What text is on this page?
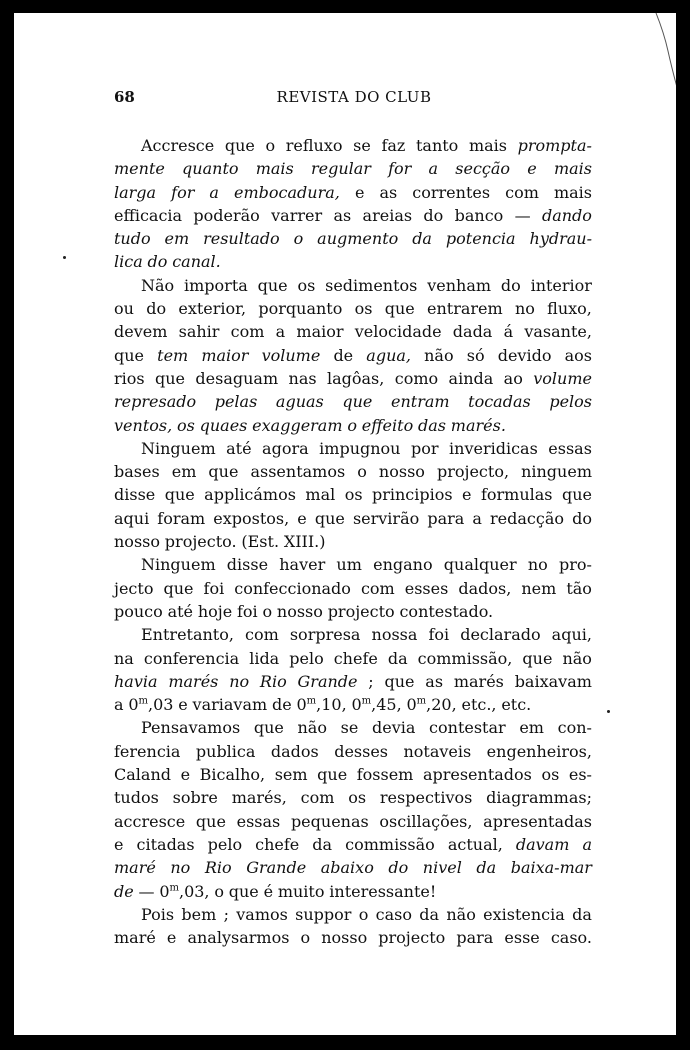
68	REVISTA DO CLUB
Accresce que o refluxo se faz tanto mais prompta-
mente quanto mais regular for a secção e mais
larga for a embocadura, e as correntes com mais
efficacia poderão varrer as areias do banco — dando
tudo em resultado o augmento da potencia hydrau-
lica do canal.
Não importa que os sedimentos venham do interior
ou do exterior, porquanto os que entrarem no fluxo,
devem sahir com a maior velocidade dada á vasante,
que tem maior volume de agua, não só devido aos
rios que desaguam nas lagôas, como ainda ao volume
represado pelas aguas que entram tocadas pelos
ventos, os quaes exaggeram o effeito das marés.
Ninguem até agora impugnou por inveridicas essas
bases em que assentamos o nosso projecto, ninguem
disse que applicámos mal os principios e formulas que
aqui foram expostos, e que servirão para a redacção do
nosso projecto. (Est. XIII.)
Ninguem disse haver um engano qualquer no pro-
jecto que foi confeccionado com esses dados, nem tão
pouco até hoje foi o nosso projecto contestado.
Entretanto, com sorpresa nossa foi declarado aqui,
na conferencia lida pelo chefe da commissão, que não
havia marés no Rio Grande ; que as marés baixavam
a 0$^m$,03 e variavam de 0$^m$,10, 0$^m$,45, 0$^m$,20, etc., etc.
Pensavamos que não se devia contestar em con-
ferencia publica dados desses notaveis engenheiros,
Caland e Bicalho, sem que fossem apresentados os es-
tudos sobre marés, com os respectivos diagrammas;
accresce que essas pequenas oscillações, apresentadas
e citadas pelo chefe da commissão actual, davam a
maré no Rio Grande abaixo do nivel da baixa-mar
de — 0$^m$,03, o que é muito interessante!
Pois bem ; vamos suppor o caso da não existencia da
maré e analysarmos o nosso projecto para esse caso.
